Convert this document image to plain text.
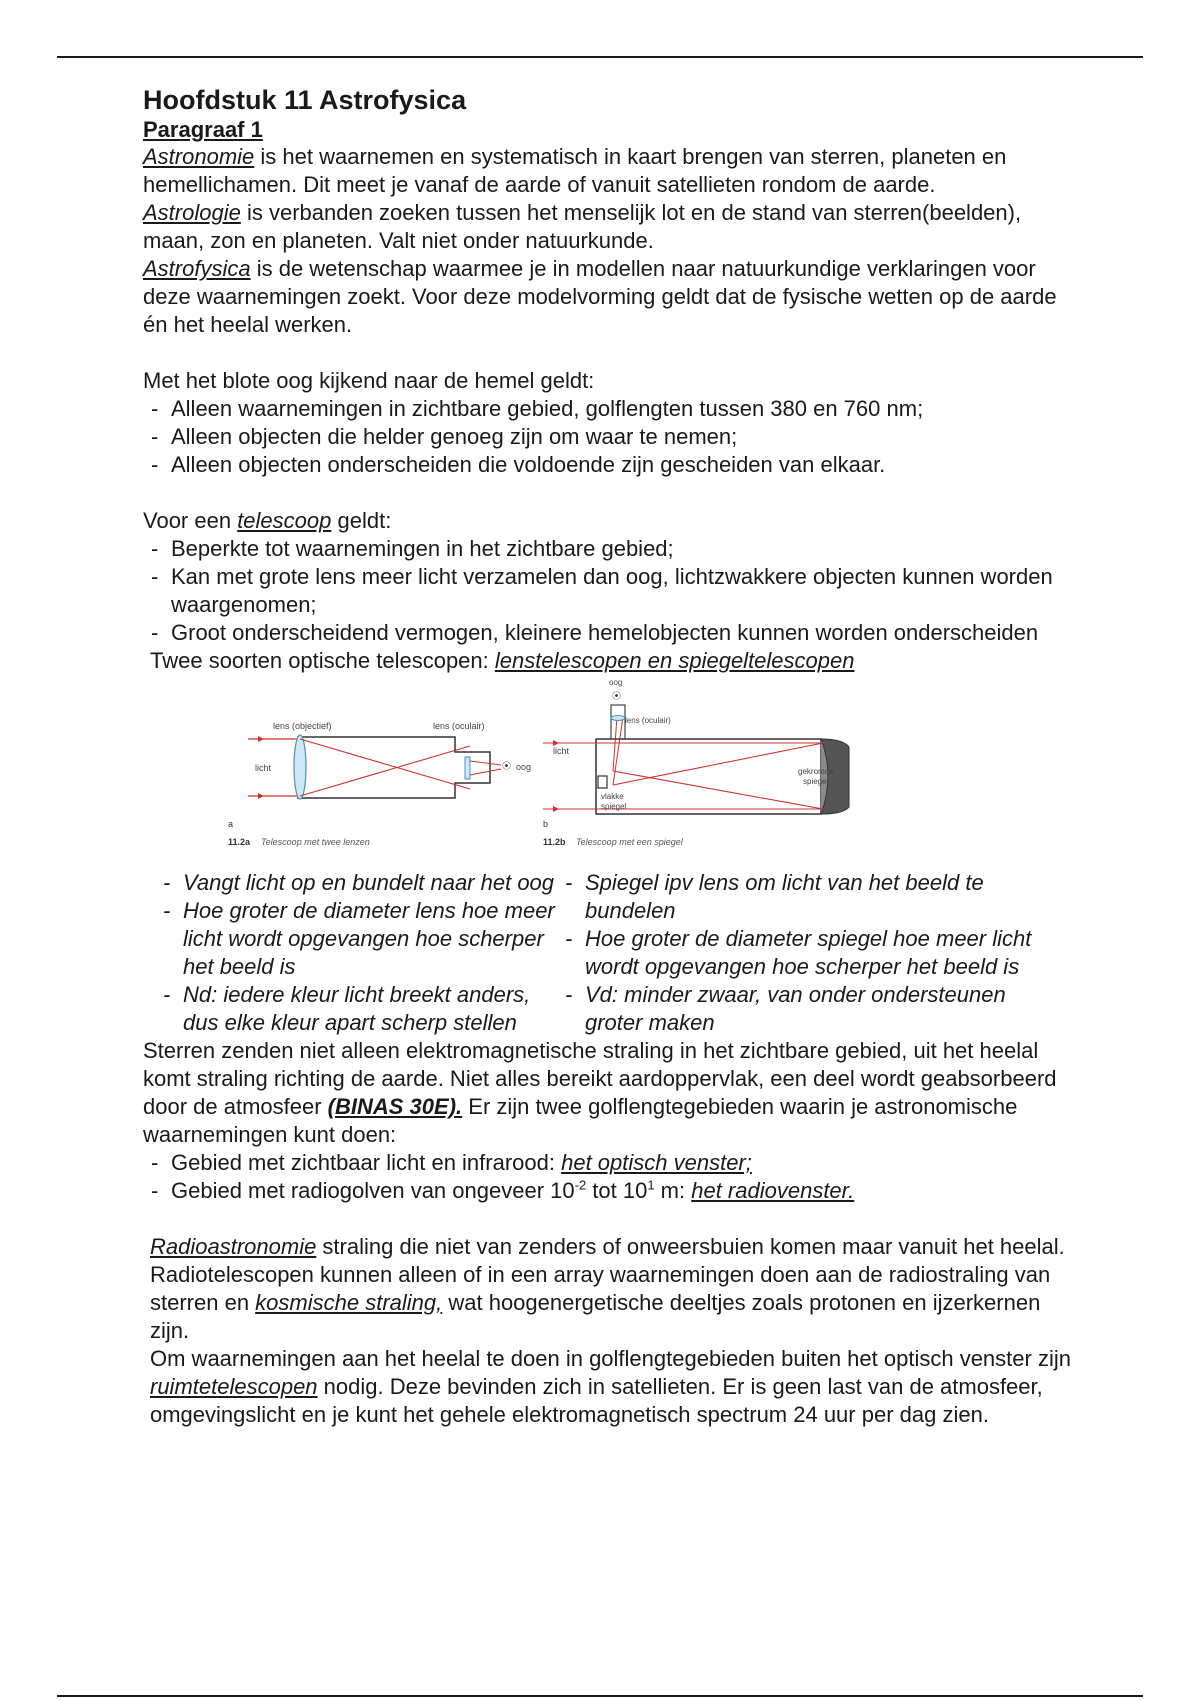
Hoofdstuk 11 Astrofysica
Paragraaf 1

Astronomie is het waarnemen en systematisch in kaart brengen van sterren, planeten en hemellichamen. Dit meet je vanaf de aarde of vanuit satellieten rondom de aarde.

Astrologie is verbanden zoeken tussen het menselijk lot en de stand van sterren(beelden), maan, zon en planeten. Valt niet onder natuurkunde.

Astrofysica is de wetenschap waarmee je in modellen naar natuurkundige verklaringen voor deze waarnemingen zoekt. Voor deze modelvorming geldt dat de fysische wetten op de aarde én het heelal werken.

Met het blote oog kijkend naar de hemel geldt:

- Alleen waarnemingen in zichtbare gebied, golflengten tussen 380 en 760 nm;
- Alleen objecten die helder genoeg zijn om waar te nemen;
- Alleen objecten onderscheiden die voldoende zijn gescheiden van elkaar.

Voor een telescoop geldt:

- Beperkte tot waarnemingen in het zichtbare gebied;
- Kan met grote lens meer licht verzamelen dan oog, lichtzwakkere objecten kunnen worden waargenomen;
- Groot onderscheidend vermogen, kleinere hemelobjecten kunnen worden onderscheiden

Twee soorten optische telescopen: lenstelescopen en spiegeltelescopen

⦿ oog
lens (objectief)	lens (oculair)
licht
a
11.2a Telescoop met twee lenzen
⦿
oog
lens (oculair)
licht
gekromde
spiegel
vlakke
spiegel
b
11.2b Telescoop met een spiegel
- Vangt licht op en bundelt naar het oog
- Hoe groter de diameter lens hoe meer licht wordt opgevangen hoe scherper het beeld is
- Nd: iedere kleur licht breekt anders, dus elke kleur apart scherp stellen
- Spiegel ipv lens om licht van het beeld te bundelen
- Hoe groter de diameter spiegel hoe meer licht wordt opgevangen hoe scherper het beeld is
- Vd: minder zwaar, van onder ondersteunen groter maken

Sterren zenden niet alleen elektromagnetische straling in het zichtbare gebied, uit het heelal komt straling richting de aarde. Niet alles bereikt aardoppervlak, een deel wordt geabsorbeerd door de atmosfeer (BINAS 30E). Er zijn twee golflengtegebieden waarin je astronomische waarnemingen kunt doen:

- Gebied met zichtbaar licht en infrarood: het optisch venster;
- Gebied met radiogolven van ongeveer $10^{-2}$ tot $10^1$ m: het radiovenster.

Radioastronomie straling die niet van zenders of onweersbuien komen maar vanuit het heelal. Radiotelescopen kunnen alleen of in een array waarnemingen doen aan de radiostraling van sterren en kosmische straling, wat hoogenergetische deeltjes zoals protonen en ijzerkernen zijn.

Om waarnemingen aan het heelal te doen in golflengtegebieden buiten het optisch venster zijn ruimtetelescopen nodig. Deze bevinden zich in satellieten. Er is geen last van de atmosfeer, omgevingslicht en je kunt het gehele elektromagnetisch spectrum 24 uur per dag zien.
